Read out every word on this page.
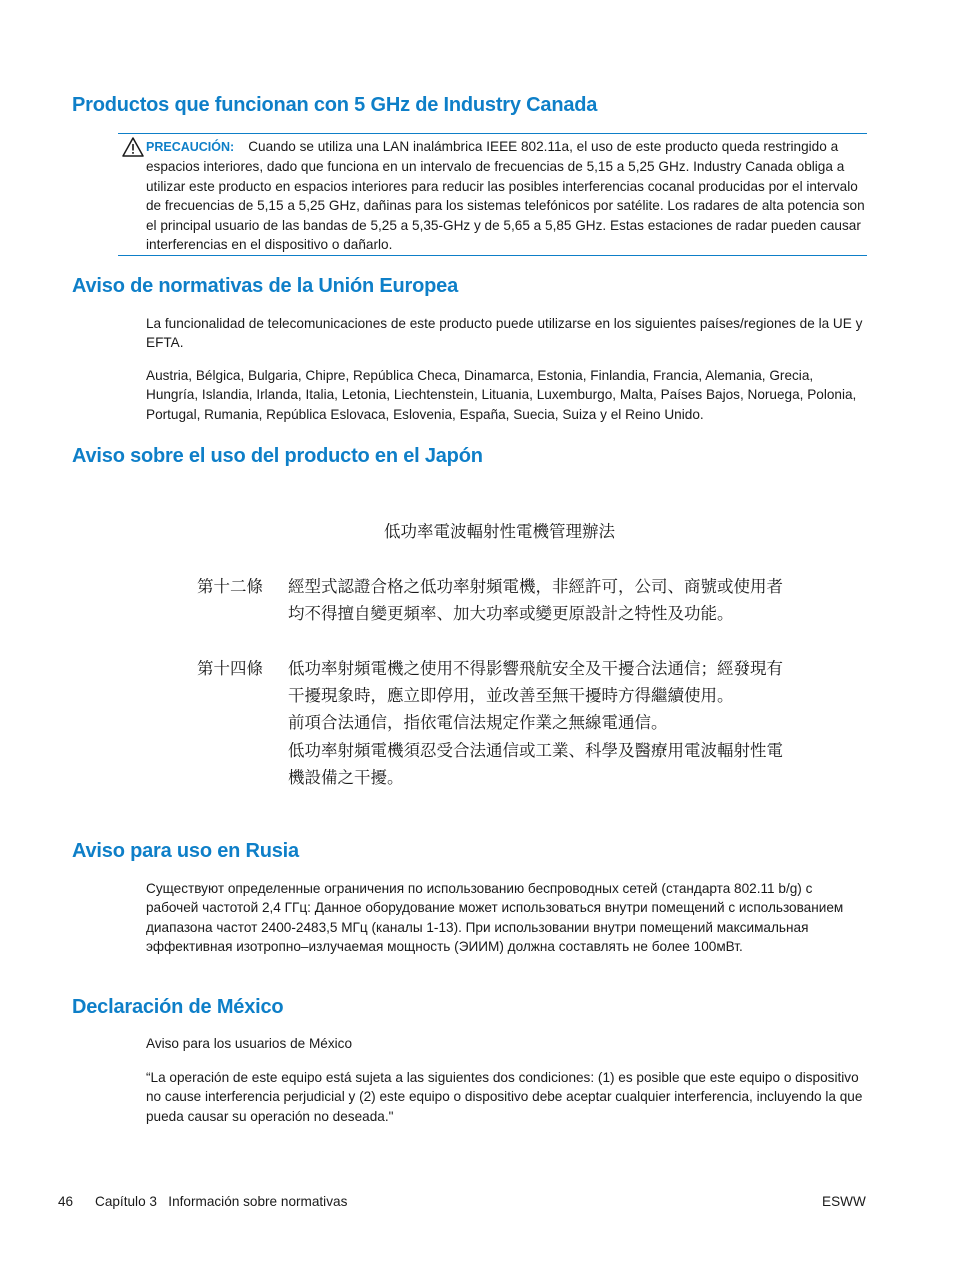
Productos que funcionan con 5 GHz de Industry Canada

PRECAUCIÓN: Cuando se utiliza una LAN inalámbrica IEEE 802.11a, el uso de este producto queda restringido a espacios interiores, dado que funciona en un intervalo de frecuencias de 5,15 a 5,25 GHz. Industry Canada obliga a utilizar este producto en espacios interiores para reducir las posibles interferencias cocanal producidas por el intervalo de frecuencias de 5,15 a 5,25 GHz, dañinas para los sistemas telefónicos por satélite. Los radares de alta potencia son el principal usuario de las bandas de 5,25 a 5,35-GHz y de 5,65 a 5,85 GHz. Estas estaciones de radar pueden causar interferencias en el dispositivo o dañarlo.

Aviso de normativas de la Unión Europea

La funcionalidad de telecomunicaciones de este producto puede utilizarse en los siguientes países/regiones de la UE y EFTA.

Austria, Bélgica, Bulgaria, Chipre, República Checa, Dinamarca, Estonia, Finlandia, Francia, Alemania, Grecia, Hungría, Islandia, Irlanda, Italia, Letonia, Liechtenstein, Lituania, Luxemburgo, Malta, Países Bajos, Noruega, Polonia, Portugal, Rumania, República Eslovaca, Eslovenia, España, Suecia, Suiza y el Reino Unido.

Aviso sobre el uso del producto en el Japón
低功率電波輻射性電機管理辦法
第十二條 經型式認證合格之低功率射頻電機，非經許可，公司、商號或使用者
均不得擅自變更頻率、加大功率或變更原設計之特性及功能。
第十四條 低功率射頻電機之使用不得影響飛航安全及干擾合法通信；經發現有
干擾現象時，應立即停用，並改善至無干擾時方得繼續使用。
前項合法通信，指依電信法規定作業之無線電通信。
低功率射頻電機須忍受合法通信或工業、科學及醫療用電波輻射性電
機設備之干擾。
Aviso para uso en Rusia

Существуют определенные ограничения по использованию беспроводных сетей (стандарта 802.11 b/g) с рабочей частотой 2,4 ГГц: Данное оборудование может использоваться внутри помещений с использованием диапазона частот 2400-2483,5 МГц (каналы 1-13). При использовании внутри помещений максимальная эффективная изотропно–излучаемая мощность (ЭИИМ) должна составлять не более 100мВт.

Declaración de México

Aviso para los usuarios de México

“La operación de este equipo está sujeta a las siguientes dos condiciones: (1) es posible que este equipo o dispositivo no cause interferencia perjudicial y (2) este equipo o dispositivo debe aceptar cualquier interferencia, incluyendo la que pueda causar su operación no deseada."

46 Capítulo 3   Información sobre normativas	ESWW
